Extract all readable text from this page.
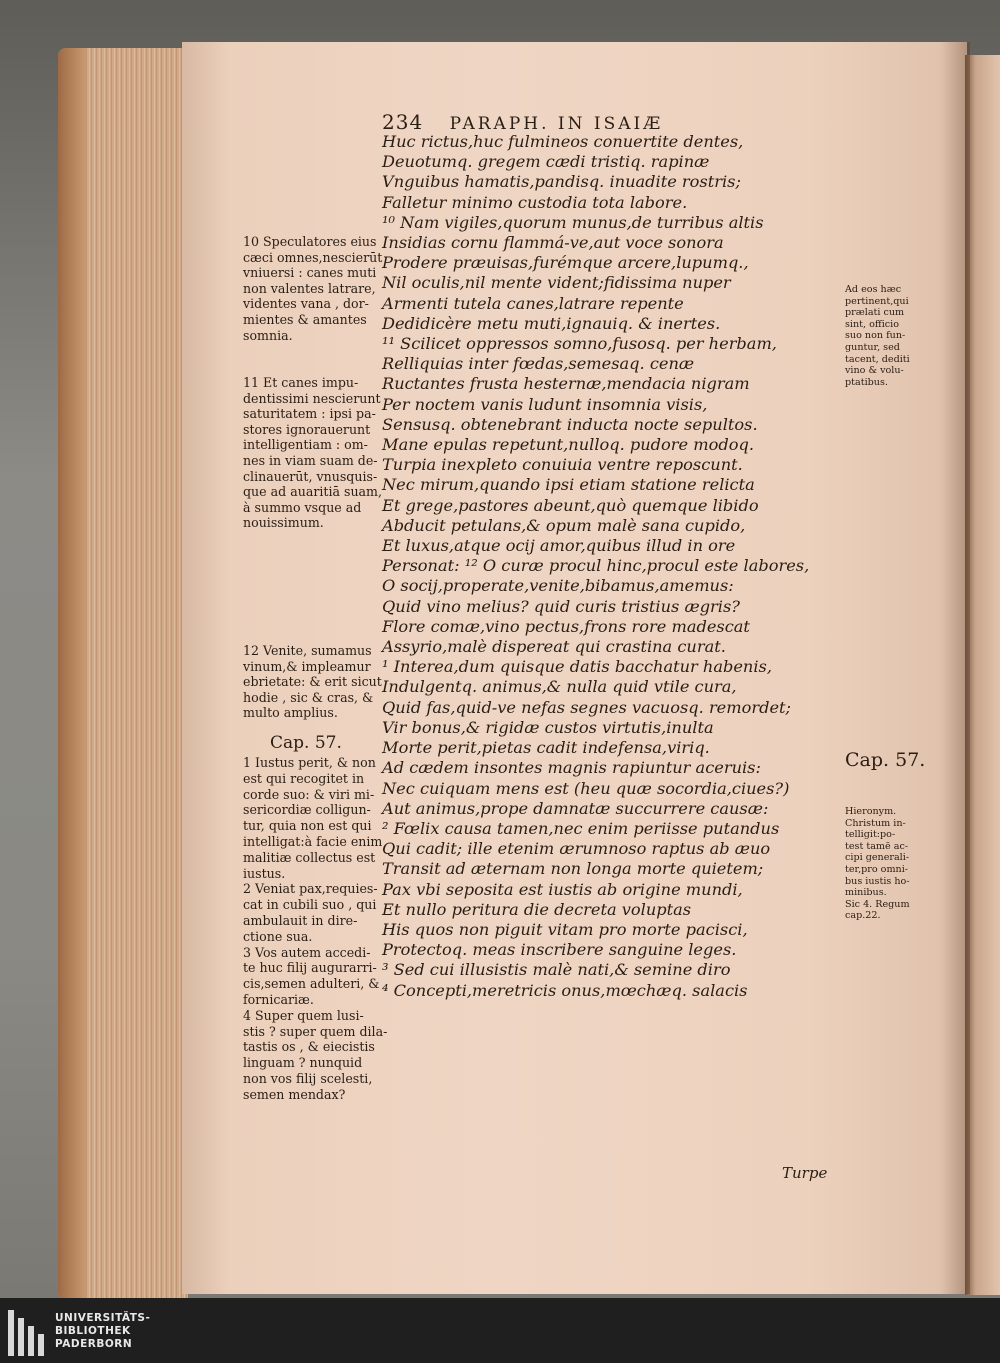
234 PARAPH. IN ISAIÆ
Huc rictus,huc fulmineos conuertite dentes,
Deuotumq. gregem cædi tristiq. rapinæ
Vnguibus hamatis,pandisq. inuadite rostris;
Falletur minimo custodia tota labore.
¹⁰ Nam vigiles,quorum munus,de turribus altis
Insidias cornu flammá-ve,aut voce sonora
Prodere præuisas,furémque arcere,lupumq.,
Nil oculis,nil mente vident;fidissima nuper
Armenti tutela canes,latrare repente
Dedidicère metu muti,ignauiq. & inertes.
¹¹ Scilicet oppressos somno,fusosq. per herbam,
Relliquias inter fœdas,semesaq. cenæ
Ructantes frusta hesternæ,mendacia nigram
Per noctem vanis ludunt insomnia visis,
Sensusq. obtenebrant inducta nocte sepultos.
Mane epulas repetunt,nulloq. pudore modoq.
Turpia inexpleto conuiuia ventre reposcunt.
Nec mirum,quando ipsi etiam statione relicta
Et grege,pastores abeunt,quò quemque libido
Abducit petulans,& opum malè sana cupido,
Et luxus,atque ocij amor,quibus illud in ore
Personat: ¹² O curæ procul hinc,procul este labores,
O socij,properate,venite,bibamus,amemus:
Quid vino melius? quid curis tristius ægris?
Flore comæ,vino pectus,frons rore madescat
Assyrio,malè dispereat qui crastina curat.
¹ Interea,dum quisque datis bacchatur habenis,
Indulgentq. animus,& nulla quid vtile cura,
Quid fas,quid-ve nefas segnes vacuosq. remordet;
Vir bonus,& rigidæ custos virtutis,inulta
Morte perit,pietas cadit indefensa,viriq.
Ad cædem insontes magnis rapiuntur aceruis:
Nec cuiquam mens est (heu quæ socordia,ciues?)
Aut animus,prope damnatæ succurrere causæ:
² Fœlix causa tamen,nec enim periisse putandus
Qui cadit; ille etenim ærumnoso raptus ab æuo
Transit ad æternam non longa morte quietem;
Pax vbi seposita est iustis ab origine mundi,
Et nullo peritura die decreta voluptas
His quos non piguit vitam pro morte pacisci,
Protectoq. meas inscribere sanguine leges.
³ Sed cui illusistis malè nati,& semine diro
⁴ Concepti,meretricis onus,mœchæq. salacis
10 Speculatores eius
cæci omnes,nescierūt
vniuersi : canes muti
non valentes latrare,
videntes vana , dor-
mientes & amantes
somnia.
11 Et canes impu-
dentissimi nescierunt
saturitatem : ipsi pa-
stores ignorauerunt
intelligentiam : om-
nes in viam suam de-
clinauerūt, vnusquis-
que ad auaritiā suam,
à summo vsque ad
nouissimum.
12 Venite, sumamus
vinum,& impleamur
ebrietate: & erit sicut
hodie , sic & cras, &
multo amplius.
Cap. 57.
1 Iustus perit, & non
est qui recogitet in
corde suo: & viri mi-
sericordiæ colligun-
tur, quia non est qui
intelligat:à facie enim
malitiæ collectus est
iustus.
2 Veniat pax,requies-
cat in cubili suo , qui
ambulauit in dire-
ctione sua.
3 Vos autem accedi-
te huc filij augurarri-
cis,semen adulteri, &
fornicariæ.
4 Super quem lusi-
stis ? super quem dila-
tastis os , & eiecistis
linguam ? nunquid
non vos filij scelesti,
semen mendax?
Ad eos hæc
pertinent,qui
prælati cum
sint, officio
suo non fun-
guntur, sed
tacent, dediti
vino & volu-
ptatibus.
Cap. 57.
Hieronym.
Christum in-
telligit:po-
test tamē ac-
cipi generali-
ter,pro omni-
bus iustis ho-
minibus.
Sic 4. Regum
cap.22.
Turpe
UNIVERSITÄTS-
BIBLIOTHEK
PADERBORN
